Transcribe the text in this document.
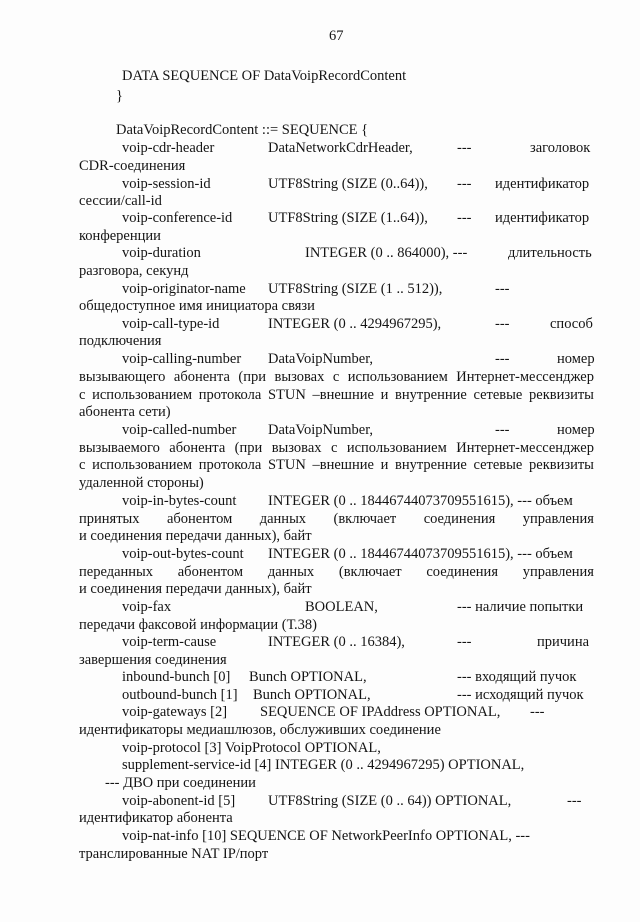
67
DATA SEQUENCE OF DataVoipRecordContent
}
DataVoipRecordContent ::= SEQUENCE {
voip-cdr-header	DataNetworkCdrHeader,	---	заголовок
CDR-соединения
voip-session-id	UTF8String (SIZE (0..64)), --- идентификатор
сессии/call-id
voip-conference-id UTF8String (SIZE (1..64)), --- идентификатор
конференции
voip-duration	INTEGER (0 .. 864000), ---	длительность
разговора, секунд
voip-originator-name UTF8String (SIZE (1 .. 512)),	---
общедоступное имя инициатора связи
voip-call-type-id	INTEGER (0 .. 4294967295),	---	способ
подключения
voip-calling-number DataVoipNumber,	---	номер
вызывающего абонента (при вызовах с использованием Интернет-мессенджер
с использованием протокола STUN –внешние и внутренние сетевые реквизиты
абонента сети)
voip-called-number DataVoipNumber,	---	номер
вызываемого абонента (при вызовах с использованием Интернет-мессенджер
с использованием протокола STUN –внешние и внутренние сетевые реквизиты
удаленной стороны)
voip-in-bytes-count INTEGER (0 .. 18446744073709551615), --- объем
принятых абонентом данных (включает соединения управления
и соединения передачи данных), байт
voip-out-bytes-count INTEGER (0 .. 18446744073709551615), --- объем
переданных абонентом данных (включает соединения управления
и соединения передачи данных), байт
voip-fax	BOOLEAN,	--- наличие попытки
передачи факсовой информации (Т.38)
voip-term-cause	INTEGER (0 .. 16384),	---	причина
завершения соединения
inbound-bunch [0] Bunch OPTIONAL,	--- входящий пучок
outbound-bunch [1] Bunch OPTIONAL,	--- исходящий пучок
voip-gateways [2] SEQUENCE OF IPAddress OPTIONAL, ---
идентификаторы медиашлюзов, обслуживших соединение
voip-protocol [3] VoipProtocol OPTIONAL,
supplement-service-id [4] INTEGER (0 .. 4294967295) OPTIONAL,
--- ДВО при соединении
voip-abonent-id [5] UTF8String (SIZE (0 .. 64)) OPTIONAL,	---
идентификатор абонента
voip-nat-info [10] SEQUENCE OF NetworkPeerInfo OPTIONAL, ---
транслированные NAT IP/порт
